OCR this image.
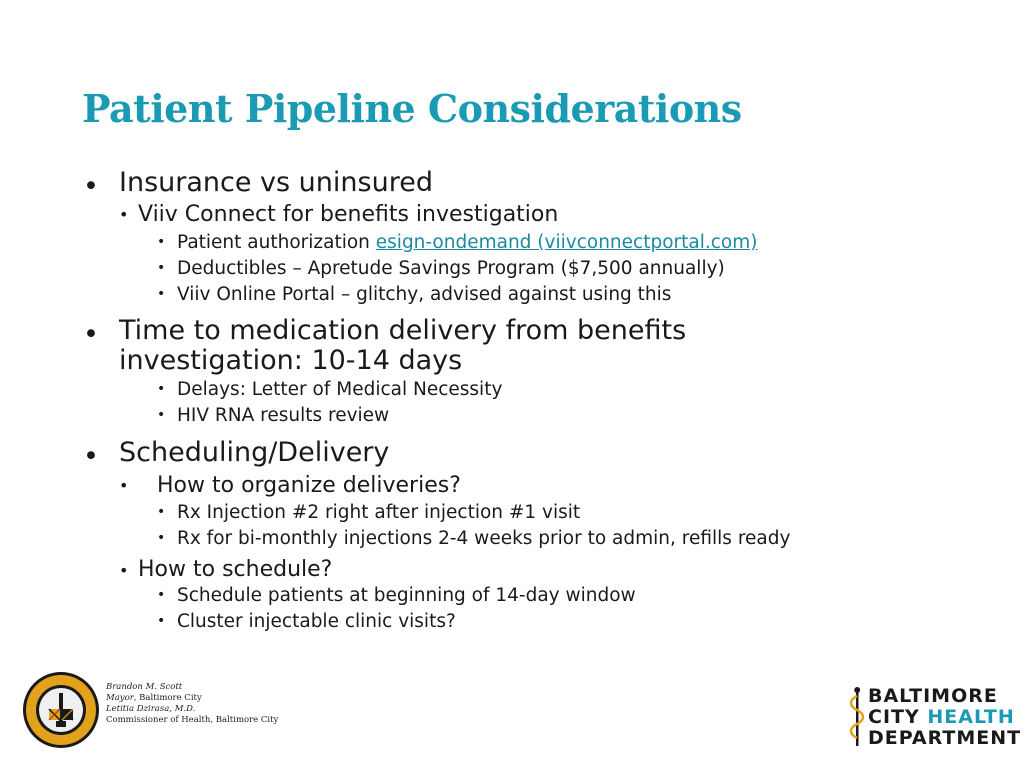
Patient Pipeline Considerations
• Insurance vs uninsured
• Viiv Connect for benefits investigation
• Patient authorization esign-ondemand (viivconnectportal.com)
• Deductibles – Apretude Savings Program ($7,500 annually)
• Viiv Online Portal – glitchy, advised against using this
• Time to medication delivery from benefits
investigation: 10-14 days
• Delays: Letter of Medical Necessity
• HIV RNA results review
• Scheduling/Delivery
• How to organize deliveries?
• Rx Injection #2 right after injection #1 visit
• Rx for bi-monthly injections 2-4 weeks prior to admin, refills ready
• How to schedule?
• Schedule patients at beginning of 14-day window
• Cluster injectable clinic visits?
Brandon M. Scott
Mayor, Baltimore City
Letitia Dzirasa, M.D.
Commissioner of Health, Baltimore City
BALTIMORE
CITY HEALTH
DEPARTMENT
